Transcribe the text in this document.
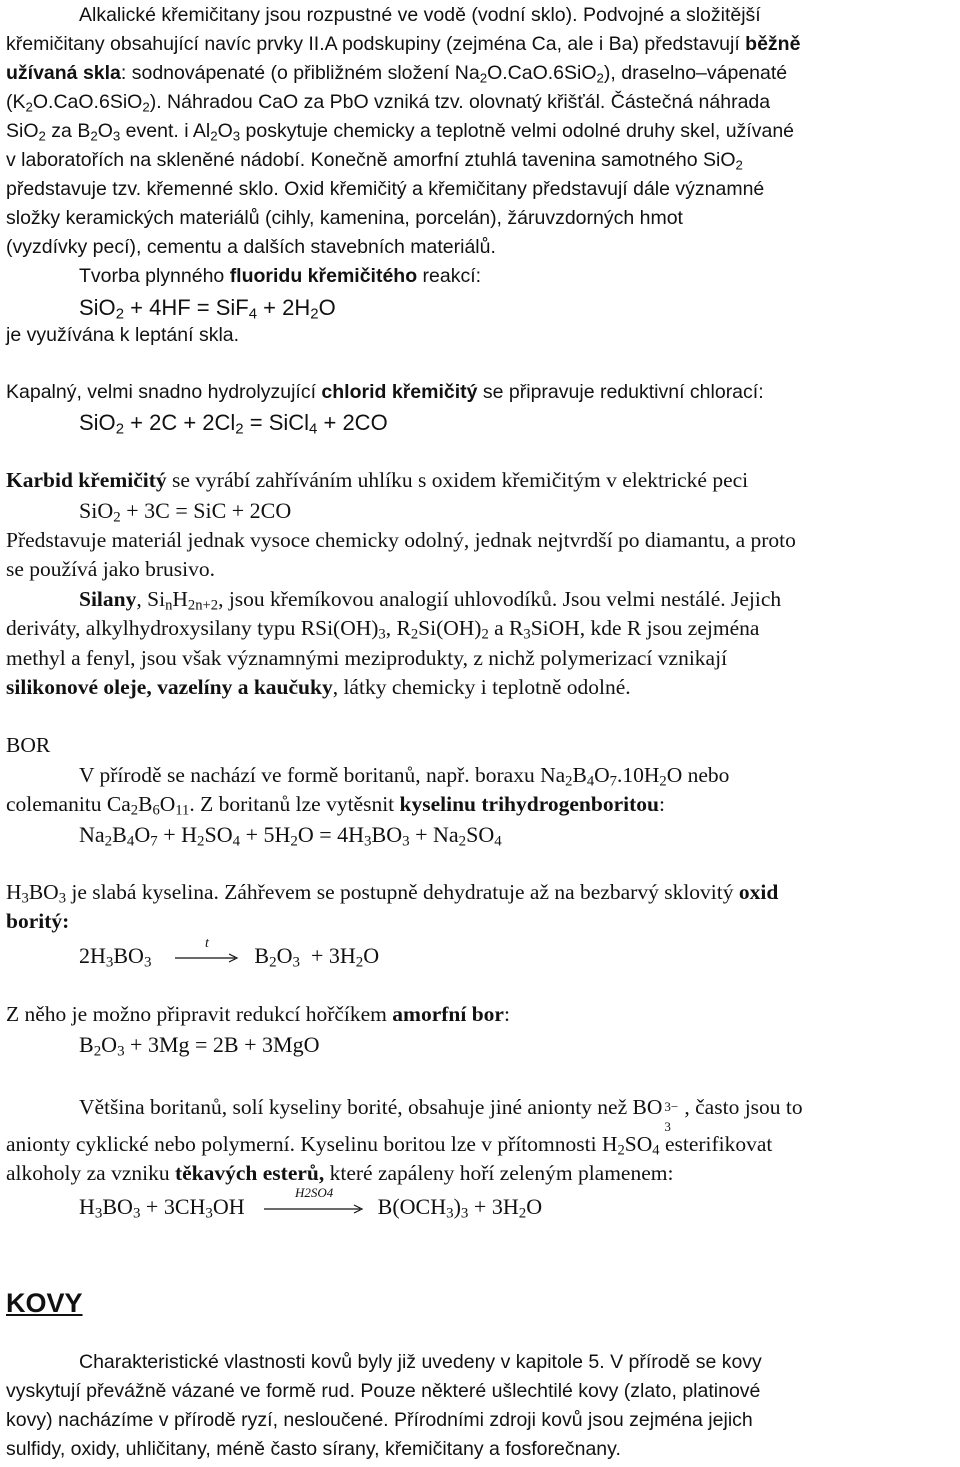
Alkalické křemičitany jsou rozpustné ve vodě (vodní sklo). Podvojné a složitější
křemičitany obsahující navíc prvky II.A podskupiny (zejména Ca, ale i Ba) představují běžně
užívaná skla: sodnovápenaté (o přibližném složení $Na_2O.CaO.6SiO_2$), draselno–vápenaté
$(K_2O.CaO.6SiO_2)$. Náhradou CaO za PbO vzniká tzv. olovnatý křišťál. Částečná náhrada
SiO$_2$ za $B_2O_3$ event. i $Al_2O_3$ poskytuje chemicky a teplotně velmi odolné druhy skel, užívané
v laboratořích na skleněné nádobí. Konečně amorfní ztuhlá tavenina samotného SiO$_2$
představuje tzv. křemenné sklo. Oxid křemičitý a křemičitany představují dále významné
složky keramických materiálů (cihly, kamenina, porcelán), žáruvzdorných hmot
(vyzdívky pecí), cementu a dalších stavebních materiálů.
Tvorba plynného fluoridu křemičitého reakcí:
$SiO_2 + 4HF = SiF_4 + 2H_2O$
je využívána k leptání skla.
Kapalný, velmi snadno hydrolyzující chlorid křemičitý se připravuje reduktivní chlorací:
$SiO_2 + 2C + 2Cl_2$ = SiCl$_4$ + 2CO
Karbid křemičitý se vyrábí zahříváním uhlíku s oxidem křemičitým v elektrické peci
SiO$_2$ + 3C = SiC + 2CO
Představuje materiál jednak vysoce chemicky odolný, jednak nejtvrdší po diamantu, a proto
se používá jako brusivo.
Silany, $Si_nH_{2n+2}$, jsou křemíkovou analogií uhlovodíků. Jsou velmi nestálé. Jejich
deriváty, alkylhydroxysilany typu $RSi(OH)_3$, $R_2Si(OH)_2$ a $R_3SiOH$, kde R jsou zejména
methyl a fenyl, jsou však významnými meziprodukty, z nichž polymerizací vznikají
silikonové oleje, vazelíny a kaučuky, látky chemicky i teplotně odolné.
BOR
V přírodě se nachází ve formě boritanů, např. boraxu $Na_2B_4O_7.10H_2O$ nebo
colemanitu $Ca_2B_6O_{11}$. Z boritanů lze vytěsnit kyselinu trihydrogenboritou:
$Na_2B_4O_7 + H_2SO_4 + 5H_2O = 4H_3BO_3 + Na_2SO_4$
$H_3BO_3$ je slabá kyselina. Záhřevem se postupně dehydratuje až na bezbarvý sklovitý oxid
boritý:
$2H_3BO_3$
t	$B_2O_3 + 3H_2O$
Z něho je možno připravit redukcí hořčíkem amorfní bor:
$B_2O_3 + 3Mg = 2B + 3MgO$
Většina boritanů, solí kyseliny borité, obsahuje jiné anionty než BO 3−
3
, často jsou to
anionty cyklické nebo polymerní. Kyselinu boritou lze v přítomnosti $H_2SO_4$ esterifikovat
alkoholy za vzniku těkavých esterů, které zapáleny hoří zeleným plamenem:
$H_3BO_3 + 3CH_3OH$
H2SO4
$B(OCH_3)_3 + 3H_2O$
KOVY
Charakteristické vlastnosti kovů byly již uvedeny v kapitole 5. V přírodě se kovy
vyskytují převážně vázané ve formě rud. Pouze některé ušlechtilé kovy (zlato, platinové
kovy) nacházíme v přírodě ryzí, nesloučené. Přírodními zdroji kovů jsou zejména jejich
sulfidy, oxidy, uhličitany, méně často sírany, křemičitany a fosforečnany.
